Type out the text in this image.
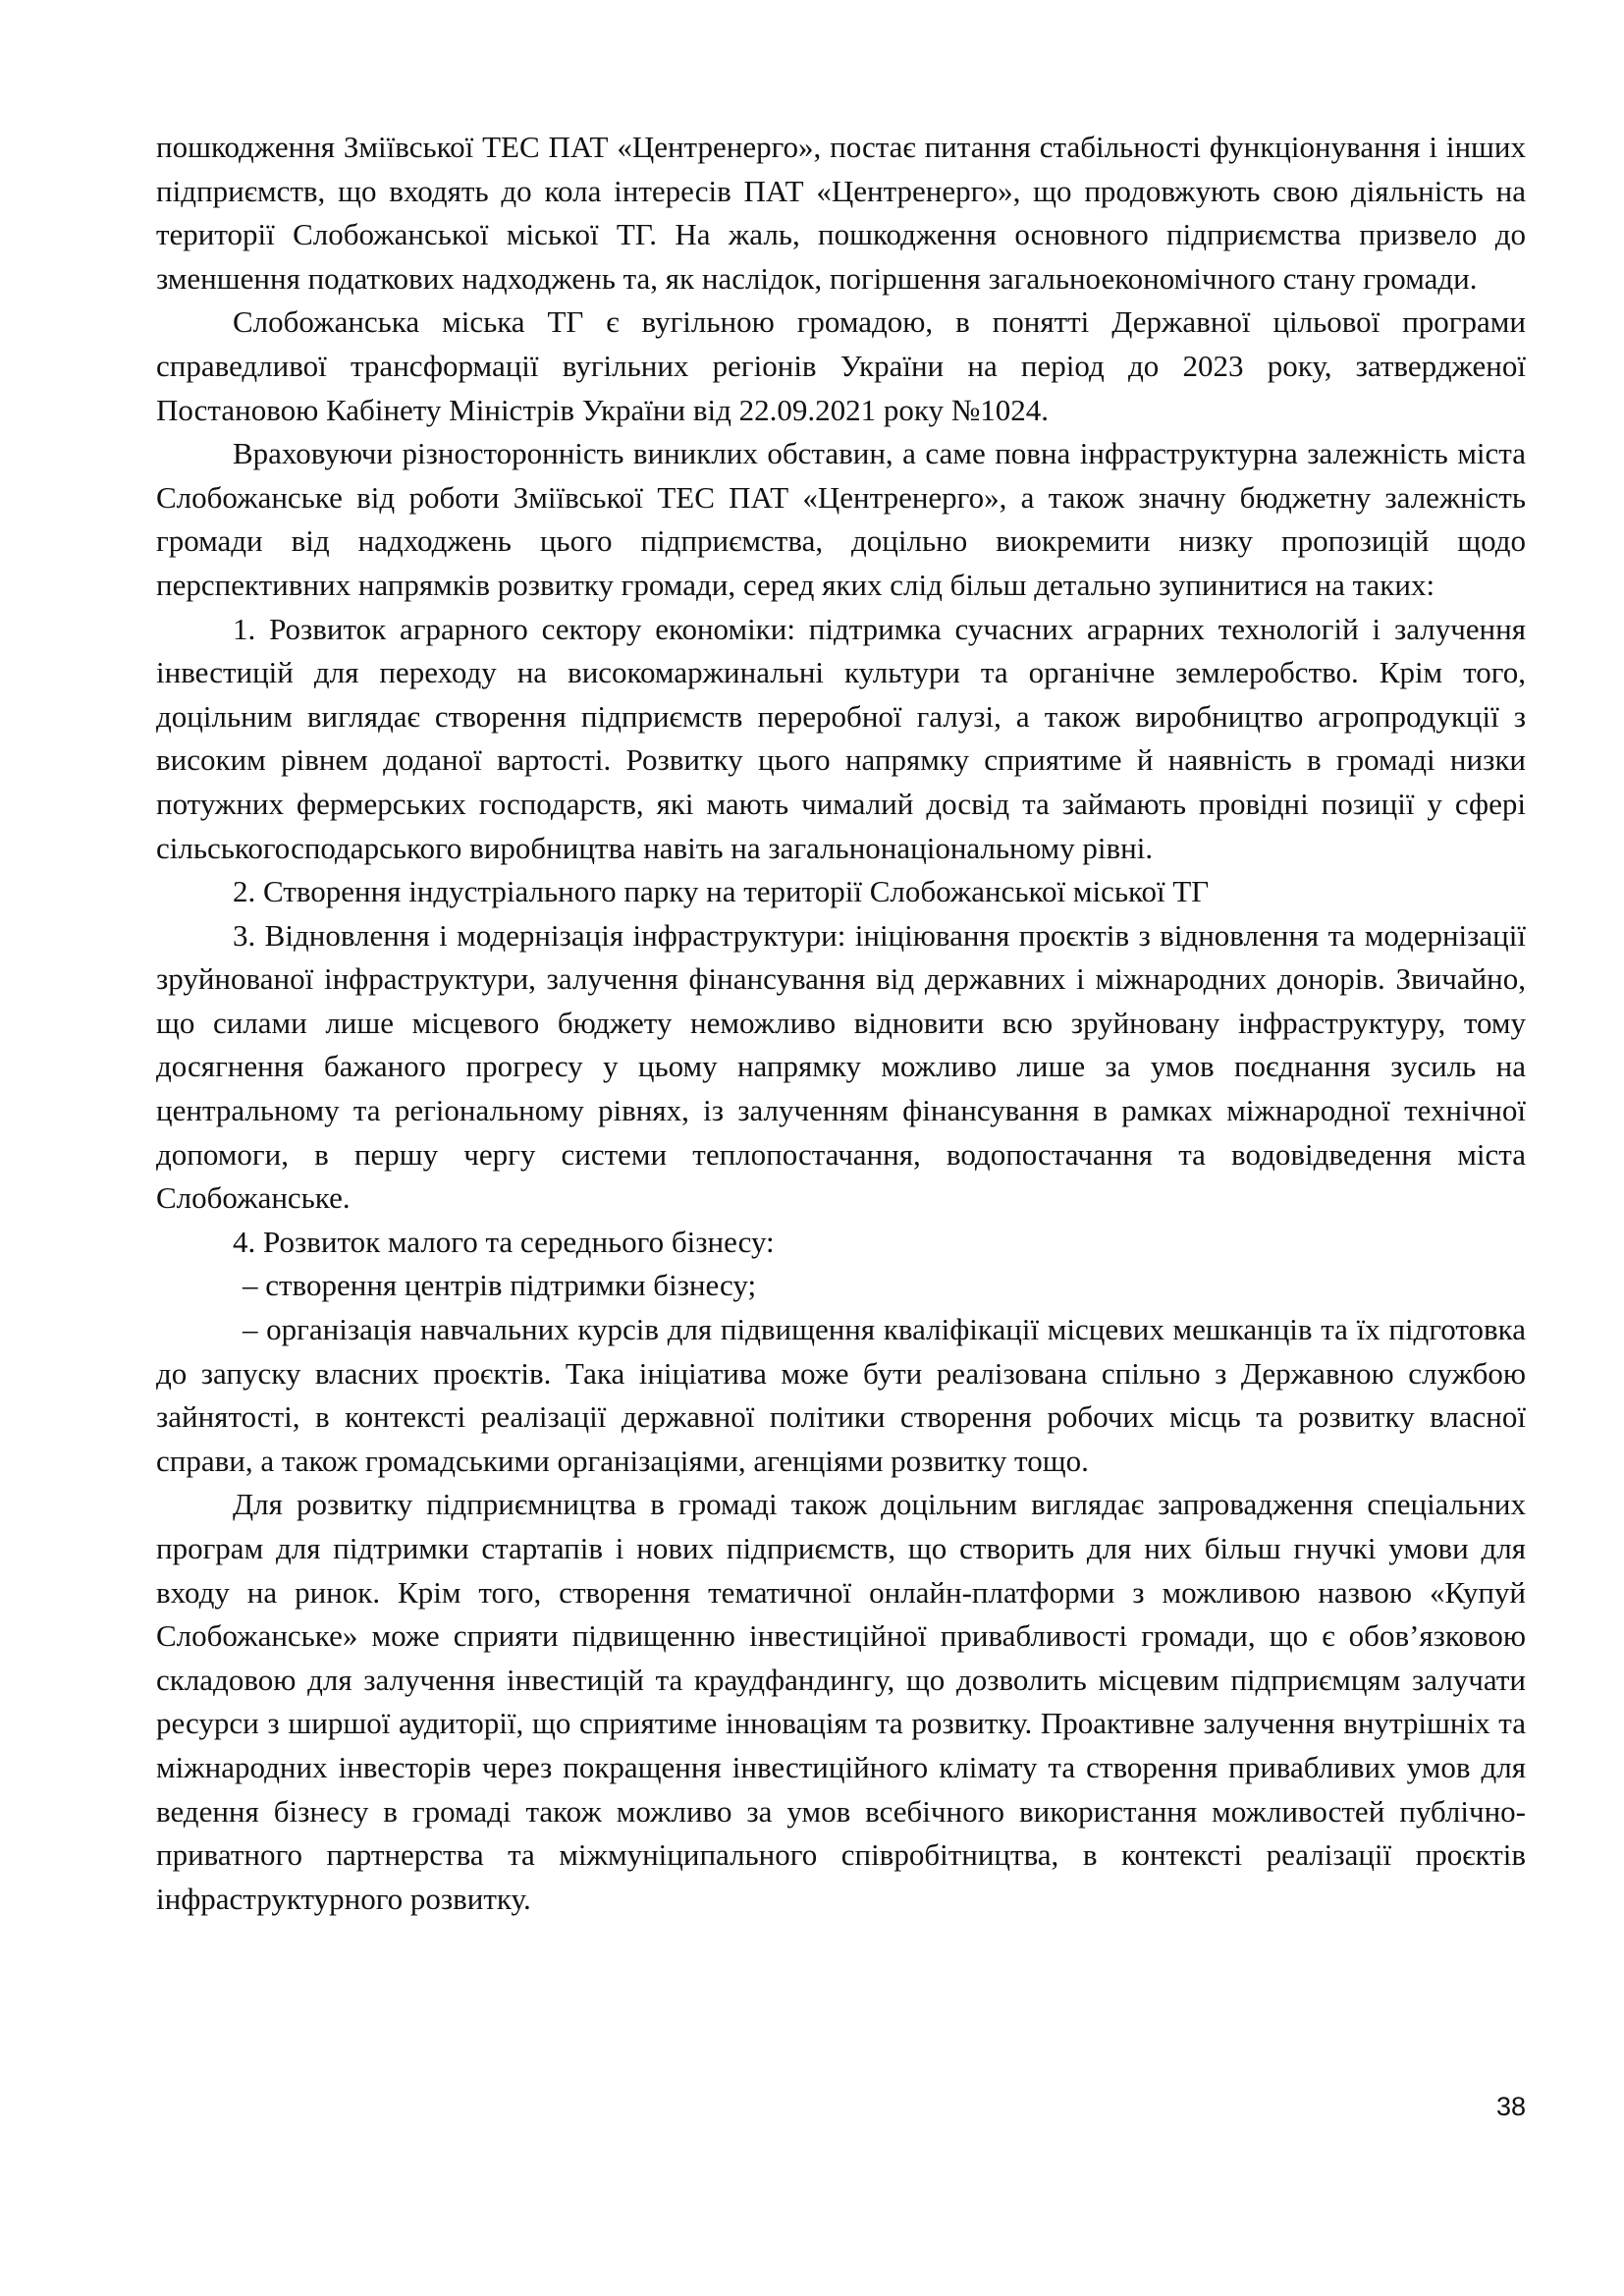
пошкодження Зміївської ТЕС ПАТ «Центренерго», постає питання стабільності функціонування і інших підприємств, що входять до кола інтересів ПАТ «Центренерго», що продовжують свою діяльність на території Слобожанської міської ТГ. На жаль, пошкодження основного підприємства призвело до зменшення податкових надходжень та, як наслідок, погіршення загальноекономічного стану громади.

Слобожанська міська ТГ є вугільною громадою, в понятті Державної цільової програми справедливої трансформації вугільних регіонів України на період до 2023 року, затвердженої Постановою Кабінету Міністрів України від 22.09.2021 року №1024.

Враховуючи різносторонність виниклих обставин, а саме повна інфраструктурна залежність міста Слобожанське від роботи Зміївської ТЕС ПАТ «Центренерго», а також значну бюджетну залежність громади від надходжень цього підприємства, доцільно виокремити низку пропозицій щодо перспективних напрямків розвитку громади, серед яких слід більш детально зупинитися на таких:

1. Розвиток аграрного сектору економіки: підтримка сучасних аграрних технологій і залучення інвестицій для переходу на високомаржинальні культури та органічне землеробство. Крім того, доцільним виглядає створення підприємств переробної галузі, а також виробництво агропродукції з високим рівнем доданої вартості. Розвитку цього напрямку сприятиме й наявність в громаді низки потужних фермерських господарств, які мають чималий досвід та займають провідні позиції у сфері сільськогосподарського виробництва навіть на загальнонаціональному рівні.

2. Створення індустріального парку на території Слобожанської міської ТГ

3. Відновлення і модернізація інфраструктури: ініціювання проєктів з відновлення та модернізації зруйнованої інфраструктури, залучення фінансування від державних і міжнародних донорів. Звичайно, що силами лише місцевого бюджету неможливо відновити всю зруйновану інфраструктуру, тому досягнення бажаного прогресу у цьому напрямку можливо лише за умов поєднання зусиль на центральному та регіональному рівнях, із залученням фінансування в рамках міжнародної технічної допомоги, в першу чергу системи теплопостачання, водопостачання та водовідведення міста Слобожанське.

4. Розвиток малого та середнього бізнесу:

– створення центрів підтримки бізнесу;

– організація навчальних курсів для підвищення кваліфікації місцевих мешканців та їх підготовка до запуску власних проєктів. Така ініціатива може бути реалізована спільно з Державною службою зайнятості, в контексті реалізації державної політики створення робочих місць та розвитку власної справи, а також громадськими організаціями, агенціями розвитку тощо.

Для розвитку підприємництва в громаді також доцільним виглядає запровадження спеціальних програм для підтримки стартапів і нових підприємств, що створить для них більш гнучкі умови для входу на ринок. Крім того, створення тематичної онлайн-платформи з можливою назвою «Купуй Слобожанське» може сприяти підвищенню інвестиційної привабливості громади, що є обов’язковою складовою для залучення інвестицій та краудфандингу, що дозволить місцевим підприємцям залучати ресурси з ширшої аудиторії, що сприятиме інноваціям та розвитку. Проактивне залучення внутрішніх та міжнародних інвесторів через покращення інвестиційного клімату та створення привабливих умов для ведення бізнесу в громаді також можливо за умов всебічного використання можливостей публічно-приватного партнерства та міжмуніципального співробітництва, в контексті реалізації проєктів інфраструктурного розвитку.

38
